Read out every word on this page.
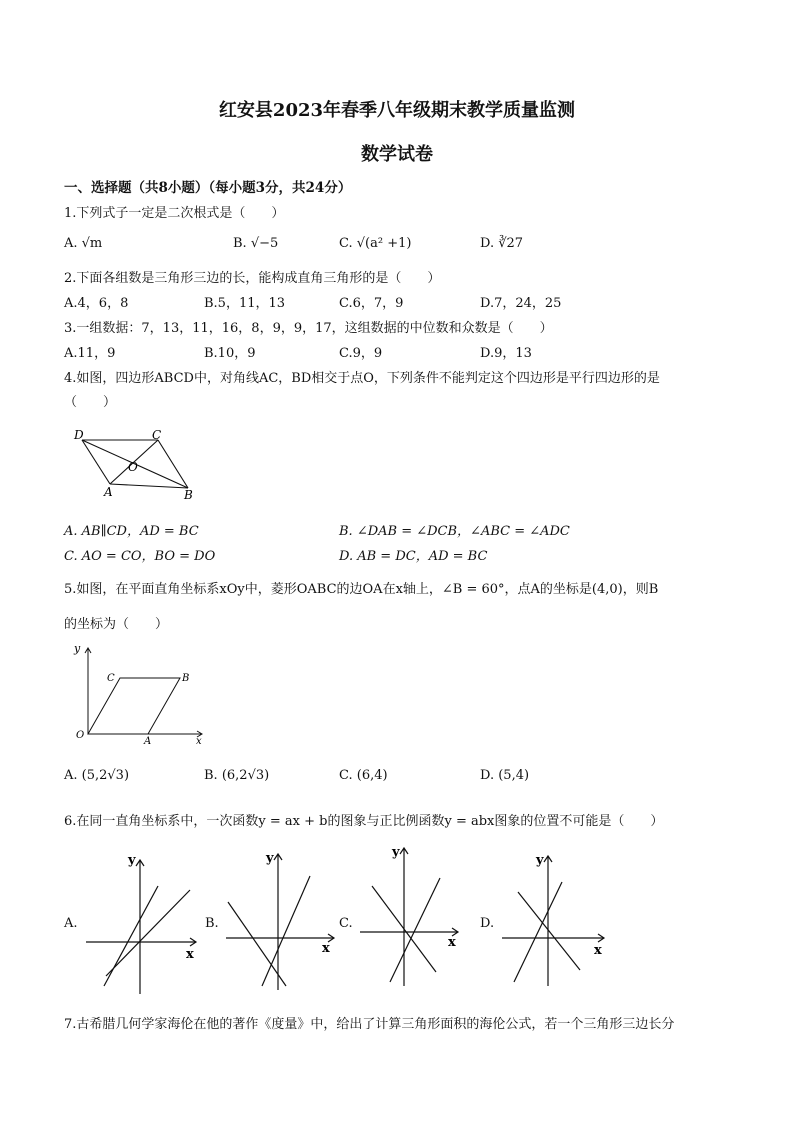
红安县2023年春季八年级期末教学质量监测
数学试卷
一、选择题（共8小题）（每小题3分，共24分）
1.下列式子一定是二次根式是（　　）
A. √m	B. √−5	C. √(a² +1)	D. ∛27
2.下面各组数是三角形三边的长，能构成直角三角形的是（　　）
A.4，6，8	B.5，11，13	C.6，7，9	D.7，24，25
3.一组数据：7，13，11，16，8，9，9，17，这组数据的中位数和众数是（　　）
A.11，9	B.10，9	C.9，9	D.9，13
4.如图，四边形ABCD中，对角线AC，BD相交于点O，下列条件不能判定这个四边形是平行四边形的是
（　　）
D	C
O
A	B
A. AB∥CD，AD = BC	B. ∠DAB = ∠DCB，∠ABC = ∠ADC
C. AO = CO，BO = DO	D. AB = DC，AD = BC
5.如图，在平面直角坐标系xOy中，菱形OABC的边OA在x轴上，∠B = 60°，点A的坐标是(4,0)，则B
的坐标为（　　）
y
C	B
O
A	x
A. (5,2√3)	B. (6,2√3)	C. (6,4)	D. (5,4)
6.在同一直角坐标系中，一次函数y = ax + b的图象与正比例函数y = abx图象的位置不可能是（　　）
A.
y
x
B.
y
x
C.
y
x
D.
y
x
7.古希腊几何学家海伦在他的著作《度量》中，给出了计算三角形面积的海伦公式，若一个三角形三边长分
